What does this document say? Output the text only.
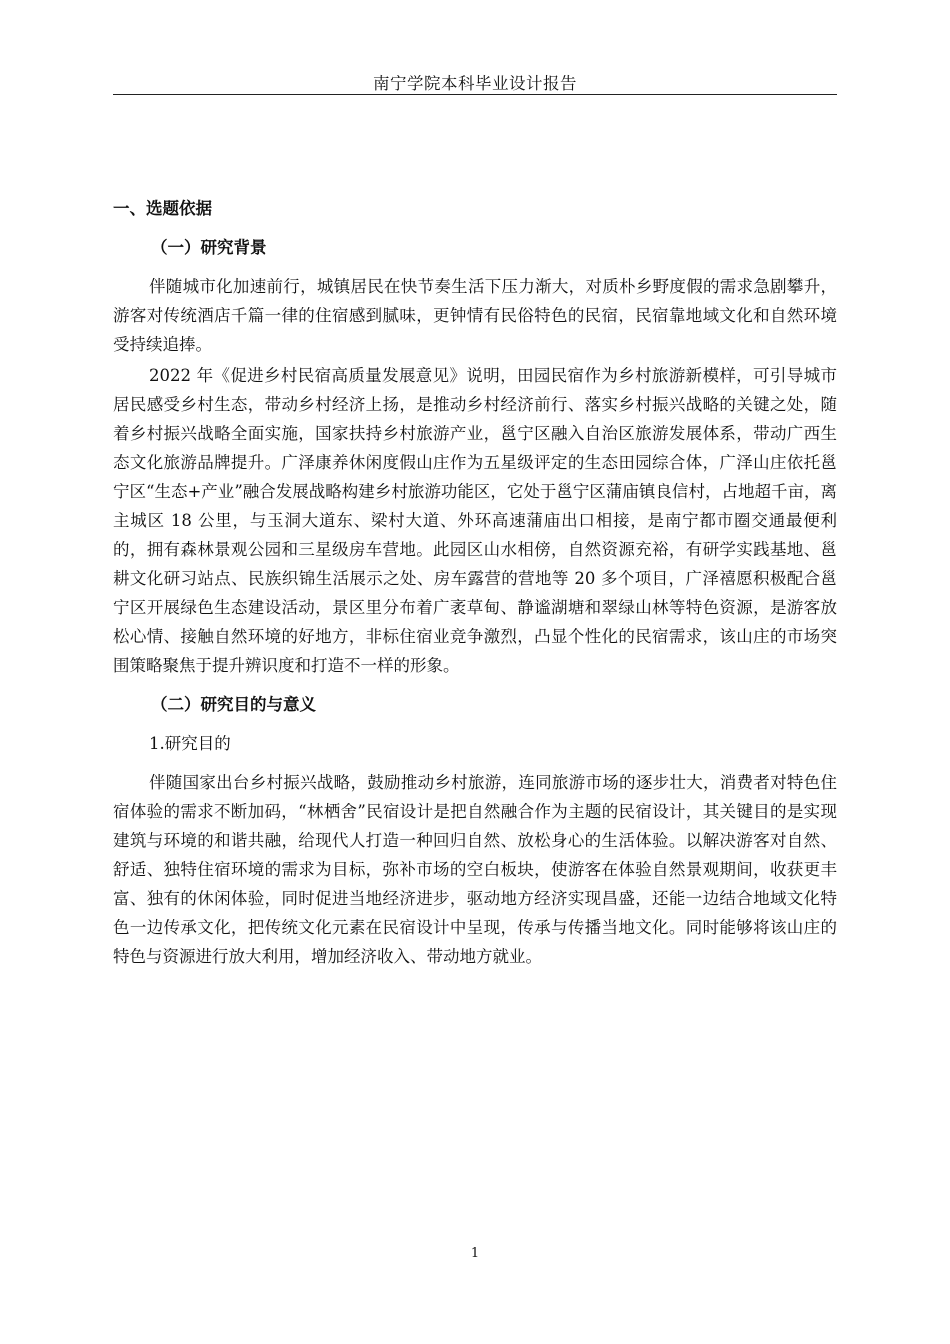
南宁学院本科毕业设计报告
一、选题依据
（一）研究背景

伴随城市化加速前行，城镇居民在快节奏生活下压力渐大，对质朴乡野度假的需求急剧攀升，游客对传统酒店千篇一律的住宿感到腻味，更钟情有民俗特色的民宿，民宿靠地域文化和自然环境受持续追捧。

2022 年《促进乡村民宿高质量发展意见》说明，田园民宿作为乡村旅游新模样，可引导城市居民感受乡村生态，带动乡村经济上扬，是推动乡村经济前行、落实乡村振兴战略的关键之处，随着乡村振兴战略全面实施，国家扶持乡村旅游产业，邕宁区融入自治区旅游发展体系，带动广西生态文化旅游品牌提升。广泽康养休闲度假山庄作为五星级评定的生态田园综合体，广泽山庄依托邕宁区“生态+产业”融合发展战略构建乡村旅游功能区，它处于邕宁区蒲庙镇良信村，占地超千亩，离主城区 18 公里，与玉洞大道东、梁村大道、外环高速蒲庙出口相接，是南宁都市圈交通最便利的，拥有森林景观公园和三星级房车营地。此园区山水相傍，自然资源充裕，有研学实践基地、邕耕文化研习站点、民族织锦生活展示之处、房车露营的营地等 20 多个项目，广泽禧愿积极配合邕宁区开展绿色生态建设活动，景区里分布着广袤草甸、静谧湖塘和翠绿山林等特色资源，是游客放松心情、接触自然环境的好地方，非标住宿业竞争激烈，凸显个性化的民宿需求，该山庄的市场突围策略聚焦于提升辨识度和打造不一样的形象。

（二）研究目的与意义
1.研究目的

伴随国家出台乡村振兴战略，鼓励推动乡村旅游，连同旅游市场的逐步壮大，消费者对特色住宿体验的需求不断加码，“林栖舍”民宿设计是把自然融合作为主题的民宿设计，其关键目的是实现建筑与环境的和谐共融，给现代人打造一种回归自然、放松身心的生活体验。以解决游客对自然、舒适、独特住宿环境的需求为目标，弥补市场的空白板块，使游客在体验自然景观期间，收获更丰富、独有的休闲体验，同时促进当地经济进步，驱动地方经济实现昌盛，还能一边结合地域文化特色一边传承文化，把传统文化元素在民宿设计中呈现，传承与传播当地文化。同时能够将该山庄的特色与资源进行放大利用，增加经济收入、带动地方就业。

1
